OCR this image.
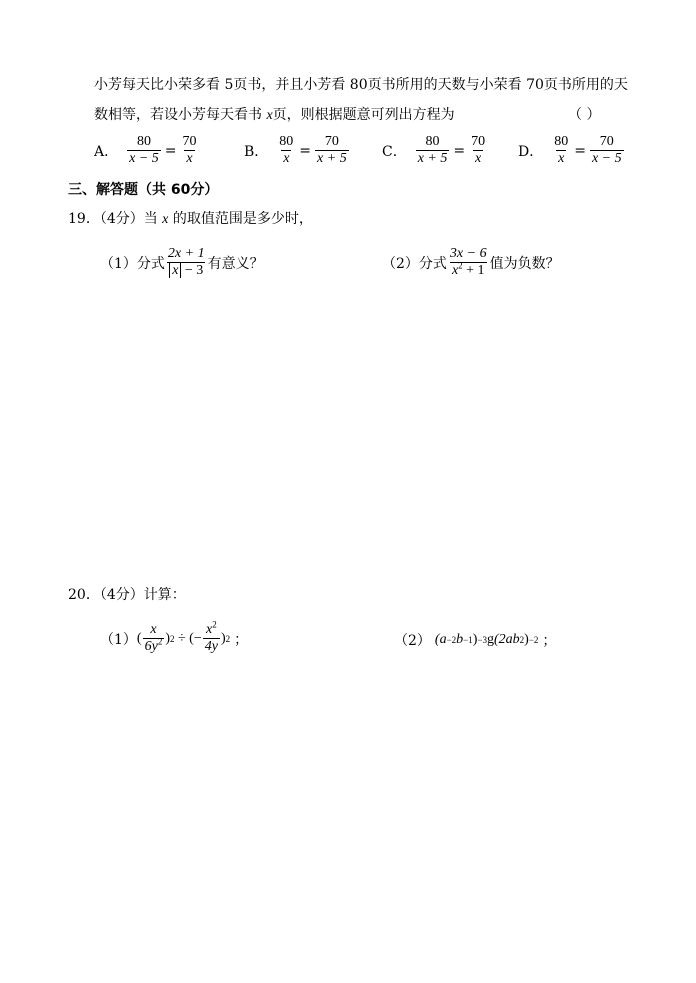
小芳每天比小荣多看 5页书，并且小芳看 80页书所用的天数与小荣看 70页书所用的天
数相等，若设小芳每天看书 x页，则根据题意可列出方程为	（ ）
A． $\frac{80}{x - 5} = \frac{70}{x}$	B． $\frac{80}{x} = \frac{70}{x + 5}$ C． $\frac{80}{x + 5} = \frac{70}{x}$ D． $\frac{80}{x} = \frac{70}{x - 5}$
三、解答题（共 60分）
19．（4分）当 x 的取值范围是多少时，
（1）分式 $\frac{2x + 1}{x - 3}$ 有意义？	（2）分式 $\frac{3x - 6}{x^2 + 1}$ 值为负数？
20．（4分）计算：
（1） ( $\frac{x}{6y^2}$ ) 2 ÷ (− $\frac{x^2}{4y}$ ) 2 ；	（2） (a −2 b −1 ) −3 g (2ab 2 ) −2 ；
